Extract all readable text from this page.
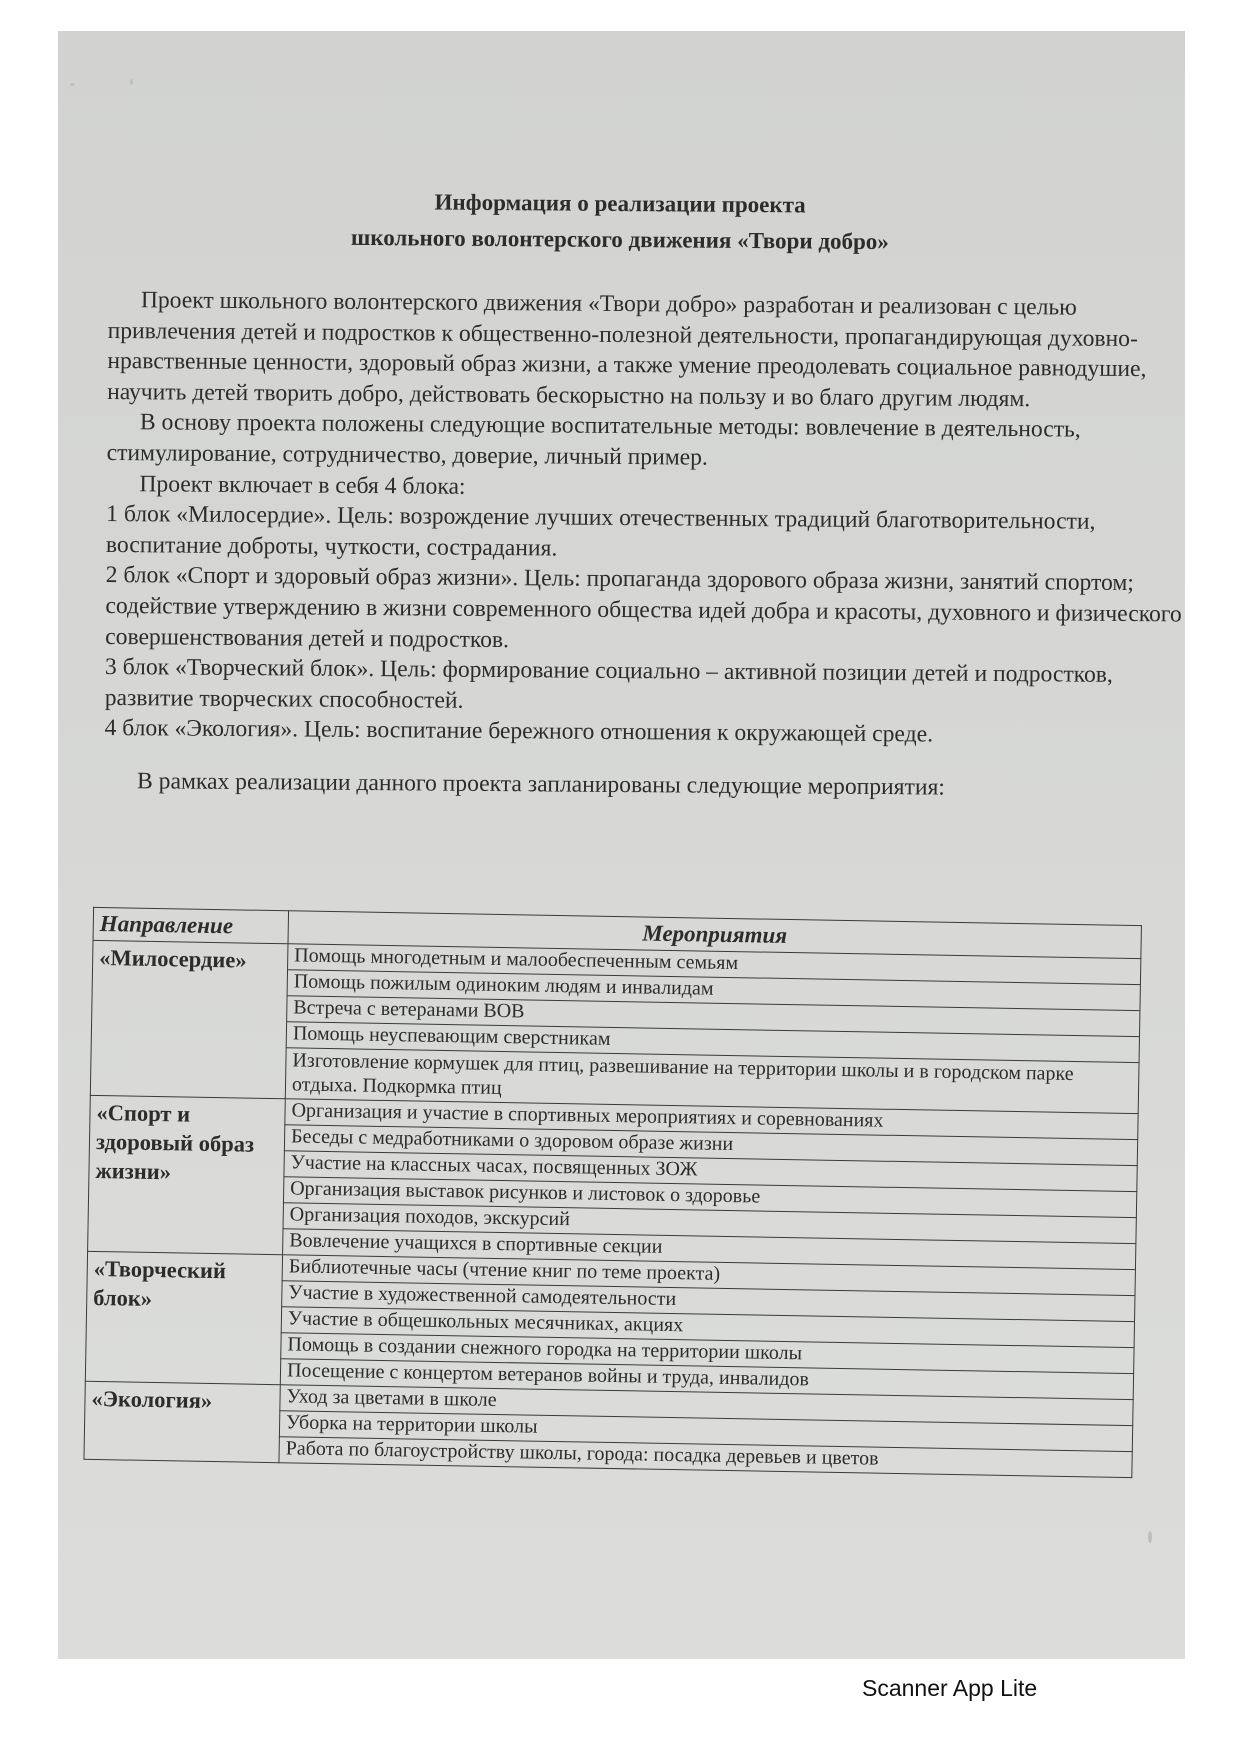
Информация о реализации проекта
школьного волонтерского движения «Твори добро»

Проект школьного волонтерского движения «Твори добро» разработан и реализован с целью привлечения детей и подростков к общественно-полезной деятельности, пропагандирующая духовно-нравственные ценности, здоровый образ жизни, а также умение преодолевать социальное равнодушие, научить детей творить добро, действовать бескорыстно на пользу и во благо другим людям.

В основу проекта положены следующие воспитательные методы: вовлечение в деятельность, стимулирование, сотрудничество, доверие, личный пример.

Проект включает в себя 4 блока:

1 блок «Милосердие». Цель: возрождение лучших отечественных традиций благотворительности, воспитание доброты, чуткости, сострадания.

2 блок «Спорт и здоровый образ жизни». Цель: пропаганда здорового образа жизни, занятий спортом; содействие утверждению в жизни современного общества идей добра и красоты, духовного и физического совершенствования детей и подростков.

3 блок «Творческий блок». Цель: формирование социально – активной позиции детей и подростков, развитие творческих способностей.

4 блок «Экология». Цель: воспитание бережного отношения к окружающей среде.

В рамках реализации данного проекта запланированы следующие мероприятия:

Направление	Мероприятия
«Милосердие»	Помощь многодетным и малообеспеченным семьям
	Помощь пожилым одиноким людям и инвалидам
	Встреча с ветеранами ВОВ
	Помощь неуспевающим сверстникам
	Изготовление кормушек для птиц, развешивание на территории школы и в городском парке отдыха. Подкормка птиц
«Спорт и здоровый образ жизни»	Организация и участие в спортивных мероприятиях и соревнованиях
	Беседы с медработниками о здоровом образе жизни
	Участие на классных часах, посвященных ЗОЖ
	Организация выставок рисунков и листовок о здоровье
	Организация походов, экскурсий
	Вовлечение учащихся в спортивные секции
«Творческий блок»	Библиотечные часы (чтение книг по теме проекта)
	Участие в художественной самодеятельности
	Участие в общешкольных месячниках, акциях
	Помощь в создании снежного городка на территории школы
	Посещение с концертом ветеранов войны и труда, инвалидов
«Экология»	Уход за цветами в школе
	Уборка на территории школы
	Работа по благоустройству школы, города: посадка деревьев и цветов
Scanner App Lite
